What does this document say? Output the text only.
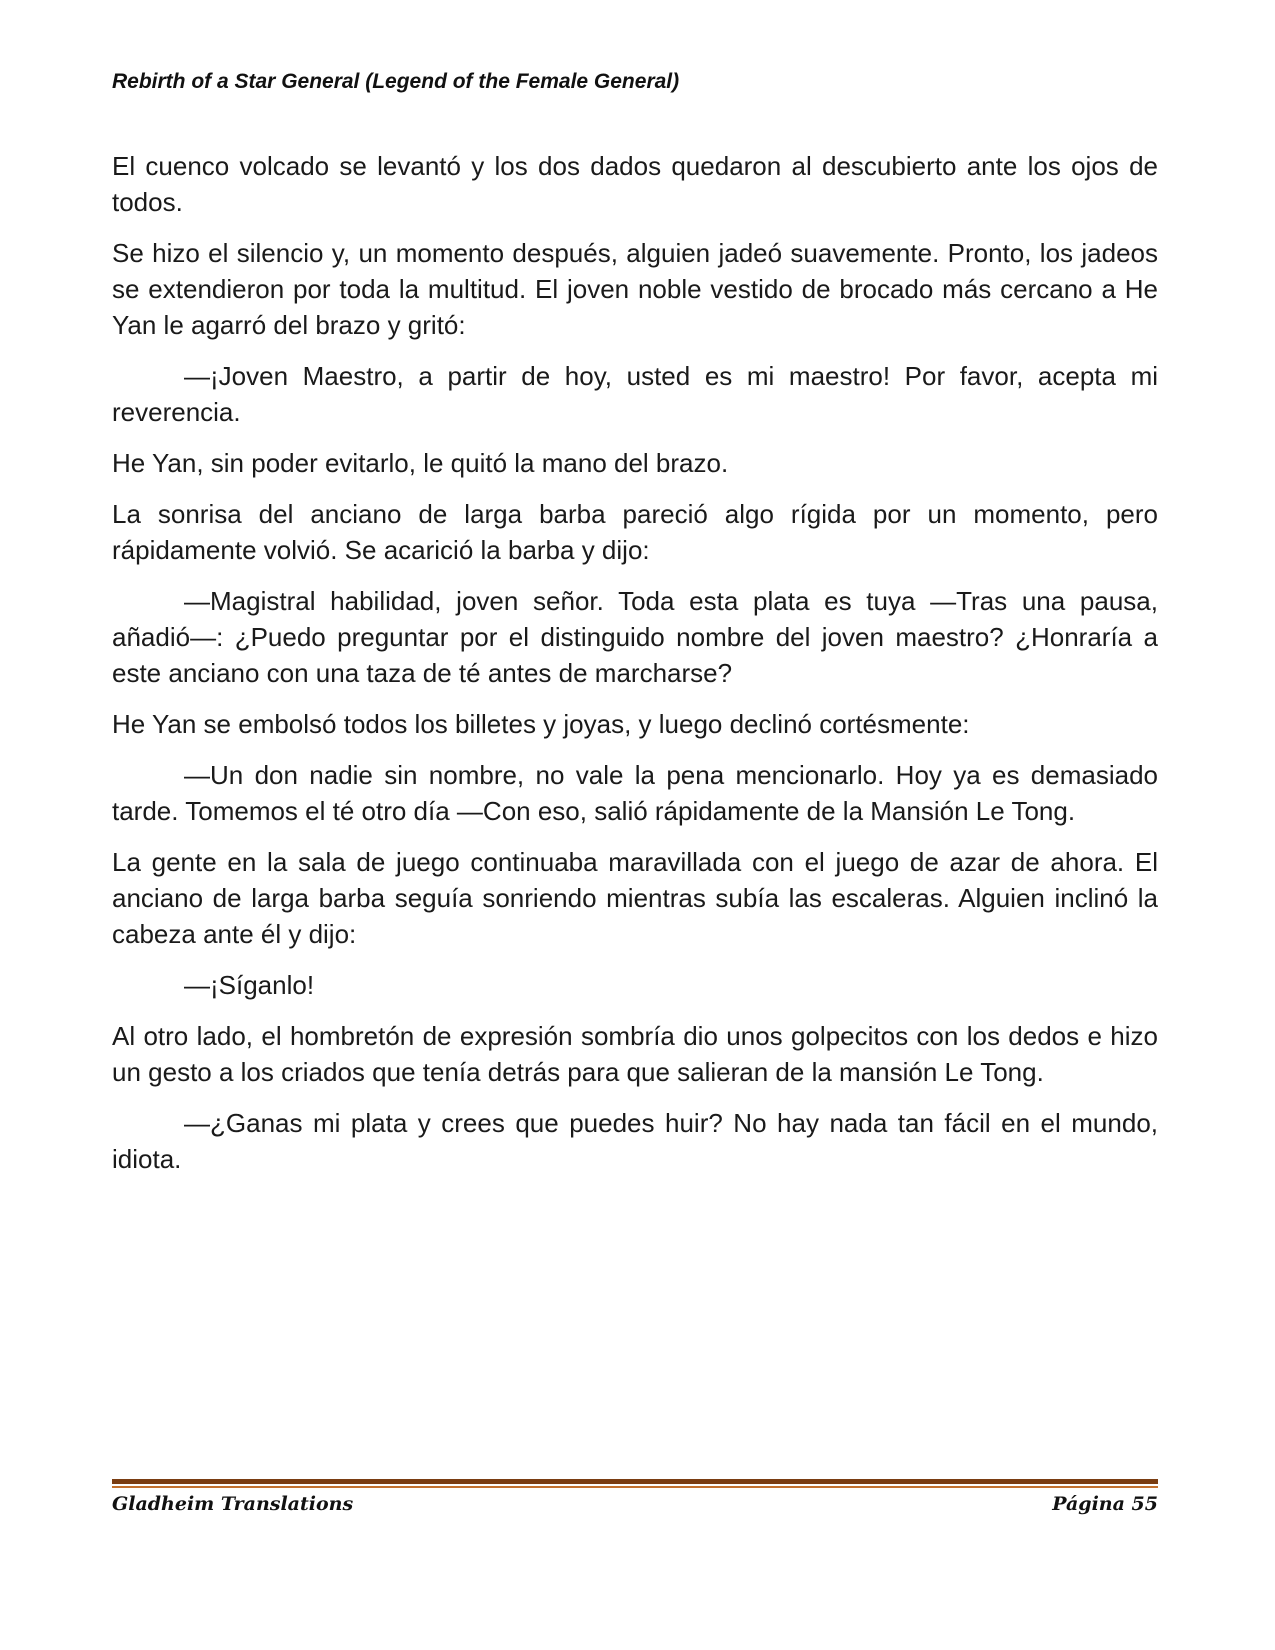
Rebirth of a Star General (Legend of the Female General)

El cuenco volcado se levantó y los dos dados quedaron al descubierto ante los ojos de todos.

Se hizo el silencio y, un momento después, alguien jadeó suavemente. Pronto, los jadeos se extendieron por toda la multitud. El joven noble vestido de brocado más cercano a He Yan le agarró del brazo y gritó:

—¡Joven Maestro, a partir de hoy, usted es mi maestro! Por favor, acepta mi reverencia.

He Yan, sin poder evitarlo, le quitó la mano del brazo.

La sonrisa del anciano de larga barba pareció algo rígida por un momento, pero rápidamente volvió. Se acarició la barba y dijo:

—Magistral habilidad, joven señor. Toda esta plata es tuya —Tras una pausa, añadió—: ¿Puedo preguntar por el distinguido nombre del joven maestro? ¿Honraría a este anciano con una taza de té antes de marcharse?

He Yan se embolsó todos los billetes y joyas, y luego declinó cortésmente:

—Un don nadie sin nombre, no vale la pena mencionarlo. Hoy ya es demasiado tarde. Tomemos el té otro día —Con eso, salió rápidamente de la Mansión Le Tong.

La gente en la sala de juego continuaba maravillada con el juego de azar de ahora. El anciano de larga barba seguía sonriendo mientras subía las escaleras. Alguien inclinó la cabeza ante él y dijo:

—¡Síganlo!

Al otro lado, el hombretón de expresión sombría dio unos golpecitos con los dedos e hizo un gesto a los criados que tenía detrás para que salieran de la mansión Le Tong.

—¿Ganas mi plata y crees que puedes huir? No hay nada tan fácil en el mundo, idiota.

Gladheim Translations	Página 55
